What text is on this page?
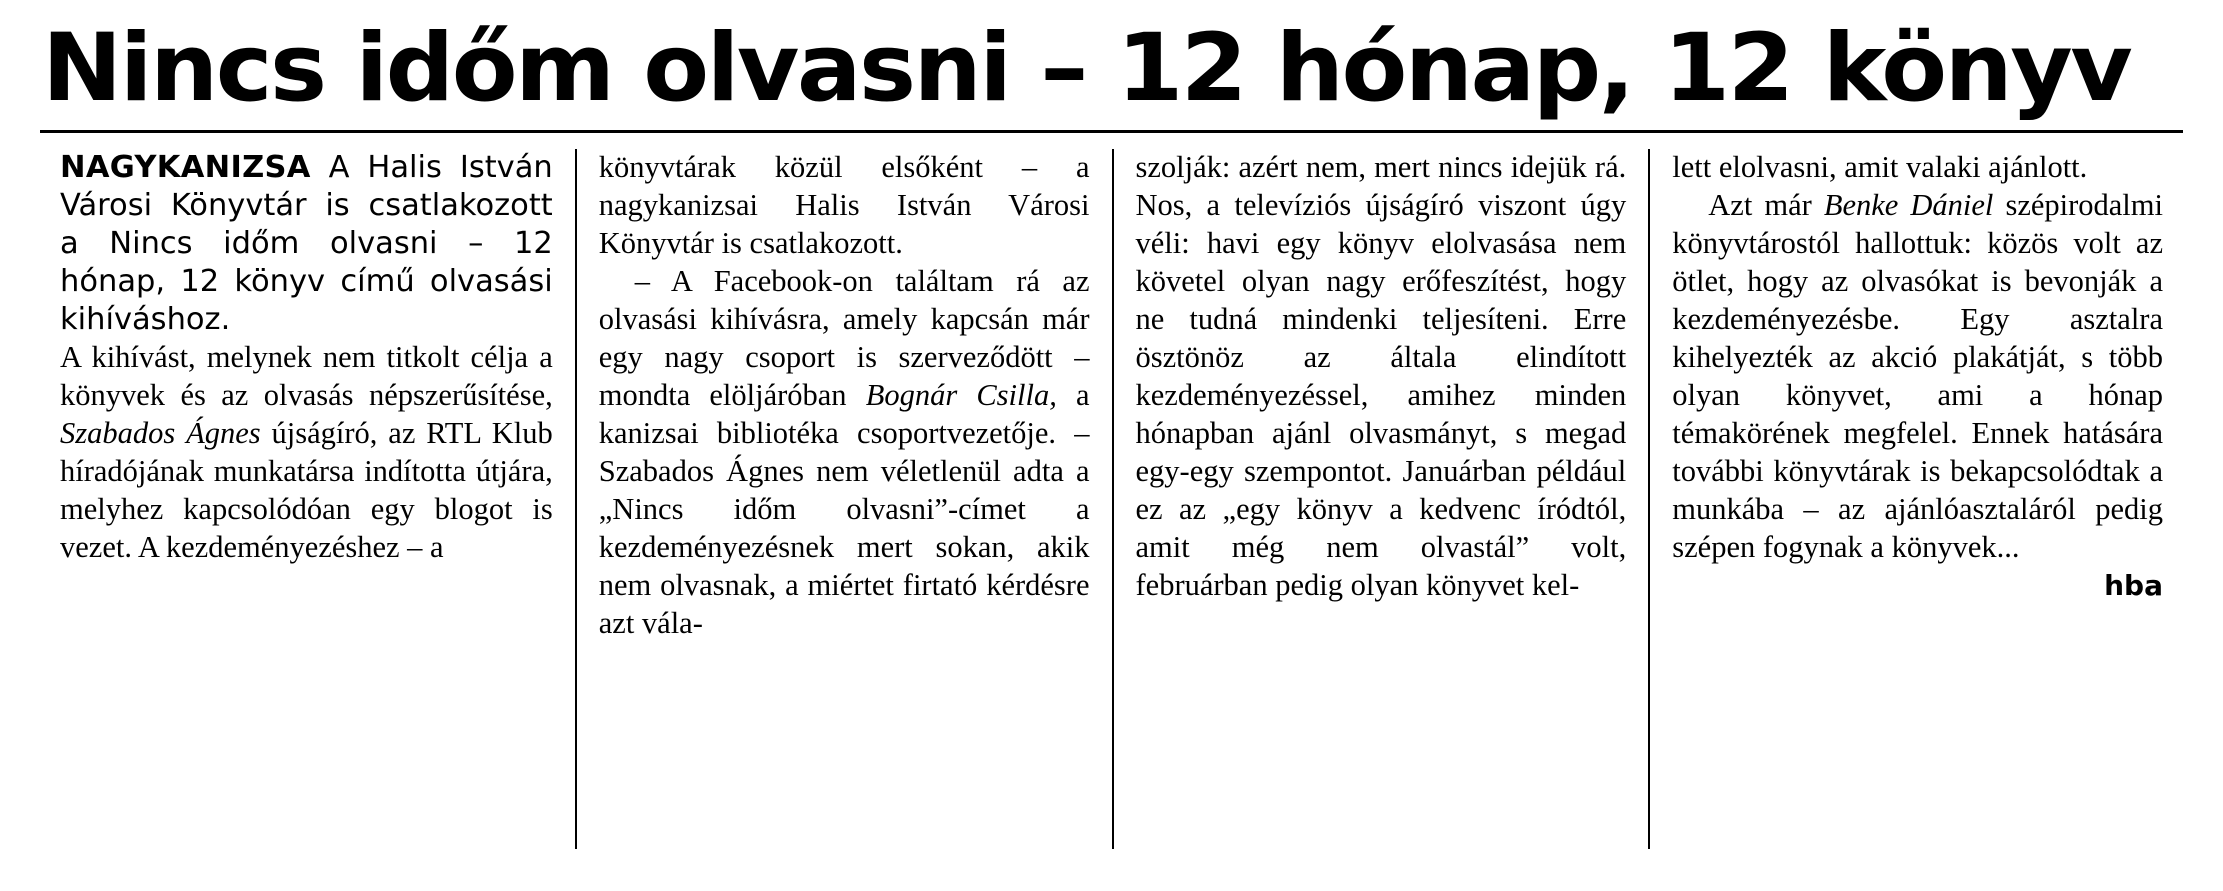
Nincs időm olvasni – 12 hónap, 12 könyv

NAGYKANIZSA A Halis István Városi Könyvtár is csatlakozott a Nincs időm olvasni – 12 hónap, 12 könyv című olvasási kihíváshoz.

A kihívást, melynek nem titkolt célja a könyvek és az olvasás népszerűsítése, Szabados Ágnes újságíró, az RTL Klub híradójának munkatársa indította útjára, melyhez kapcsolódóan egy blogot is vezet. A kezdeményezéshez – a

könyvtárak közül elsőként – a nagykanizsai Halis István Városi Könyvtár is csatlakozott.

– A Facebook-on találtam rá az olvasási kihívásra, amely kapcsán már egy nagy csoport is szerveződött – mondta elöljáróban Bognár Csilla, a kanizsai bibliotéka csoportvezetője. – Szabados Ágnes nem véletlenül adta a „Nincs időm olvasni”-címet a kezdeményezésnek mert sokan, akik nem olvasnak, a miértet firtató kérdésre azt vála-

szolják: azért nem, mert nincs idejük rá. Nos, a televíziós újságíró viszont úgy véli: havi egy könyv elolvasása nem követel olyan nagy erőfeszítést, hogy ne tudná mindenki teljesíteni. Erre ösztönöz az általa elindított kezdeményezéssel, amihez minden hónapban ajánl olvasmányt, s megad egy-egy szempontot. Januárban például ez az „egy könyv a kedvenc íródtól, amit még nem olvastál” volt, februárban pedig olyan könyvet kel-

lett elolvasni, amit valaki ajánlott.

Azt már Benke Dániel szépirodalmi könyvtárostól hallottuk: közös volt az ötlet, hogy az olvasókat is bevonják a kezdeményezésbe. Egy asztalra kihelyezték az akció plakátját, s több olyan könyvet, ami a hónap témakörének megfelel. Ennek hatására további könyvtárak is bekapcsolódtak a munkába – az ajánlóasztaláról pedig szépen fogynak a könyvek...

hba
